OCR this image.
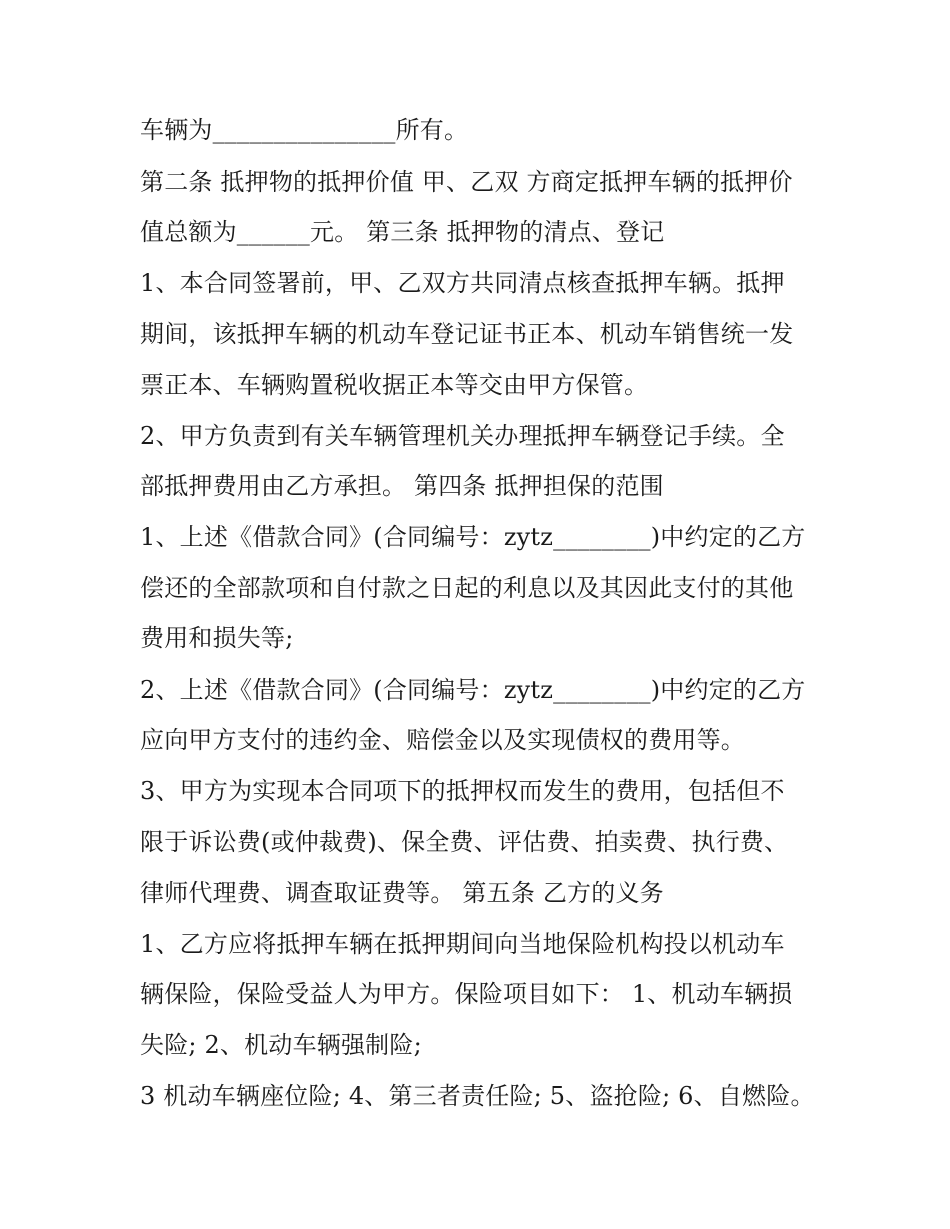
车辆为_______________所有。
第二条 抵押物的抵押价值 甲、乙双 方商定抵押车辆的抵押价
值总额为______元。 第三条 抵押物的清点、登记
1、本合同签署前，甲、乙双方共同清点核查抵押车辆。抵押
期间，该抵押车辆的机动车登记证书正本、机动车销售统一发
票正本、车辆购置税收据正本等交由甲方保管。
2、甲方负责到有关车辆管理机关办理抵押车辆登记手续。全
部抵押费用由乙方承担。 第四条 抵押担保的范围
1、上述《借款合同》(合同编号：zytz________)中约定的乙方
偿还的全部款项和自付款之日起的利息以及其因此支付的其他
费用和损失等;
2、上述《借款合同》(合同编号：zytz________)中约定的乙方
应向甲方支付的违约金、赔偿金以及实现债权的费用等。
3、甲方为实现本合同项下的抵押权而发生的费用，包括但不
限于诉讼费(或仲裁费)、保全费、评估费、拍卖费、执行费、
律师代理费、调查取证费等。 第五条 乙方的义务
1、乙方应将抵押车辆在抵押期间向当地保险机构投以机动车
辆保险，保险受益人为甲方。保险项目如下： 1、机动车辆损
失险; 2、机动车辆强制险;
3 机动车辆座位险; 4、第三者责任险; 5、盗抢险; 6、自燃险。
